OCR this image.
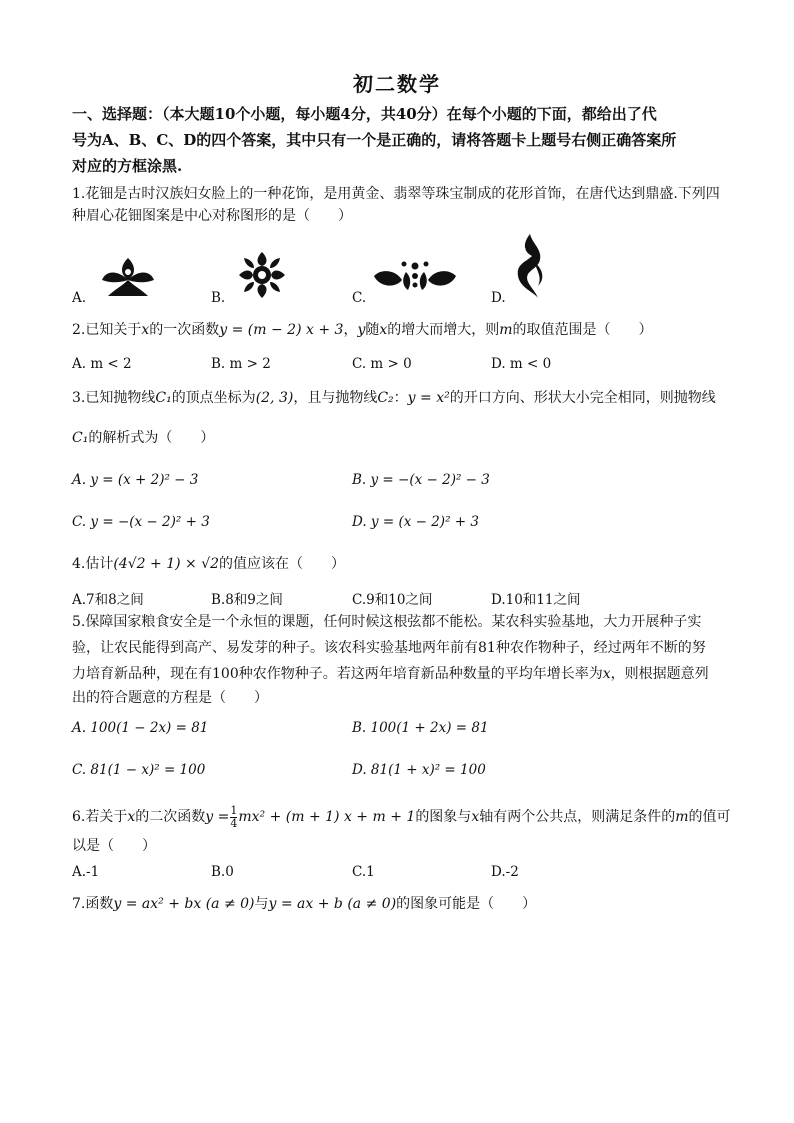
初二数学
一、选择题：（本大题10个小题，每小题4分，共40分）在每个小题的下面，都给出了代
号为A、B、C、D的四个答案，其中只有一个是正确的，请将答题卡上题号右侧正确答案所
对应的方框涂黑.
1.花钿是古时汉族妇女脸上的一种花饰，是用黄金、翡翠等珠宝制成的花形首饰，在唐代达到鼎盛.下列四
种眉心花钿图案是中心对称图形的是（　　）
A.	B.	C.	D.
2.已知关于x的一次函数y = (m − 2) x + 3，y随x的增大而增大，则m的取值范围是（　　）
A. m < 2	B. m > 2	C. m > 0	D. m < 0
3.已知抛物线C₁的顶点坐标为(2, 3)，且与抛物线C₂：y = x²的开口方向、形状大小完全相同，则抛物线
C₁的解析式为（　　）
A. y = (x + 2)² − 3	B. y = −(x − 2)² − 3
C. y = −(x − 2)² + 3	D. y = (x − 2)² + 3
4.估计(4√2 + 1) × √2的值应该在（　　）
A.7和8之间	B.8和9之间	C.9和10之间	D.10和11之间
5.保障国家粮食安全是一个永恒的课题，任何时候这根弦都不能松。某农科实验基地，大力开展种子实
验，让农民能得到高产、易发芽的种子。该农科实验基地两年前有81种农作物种子，经过两年不断的努
力培育新品种，现在有100种农作物种子。若这两年培育新品种数量的平均年增长率为x，则根据题意列
出的符合题意的方程是（　　）
A. 100(1 − 2x) = 81	B. 100(1 + 2x) = 81
C. 81(1 − x)² = 100	D. 81(1 + x)² = 100
6.若关于x的二次函数$y = \frac{1}{4} mx^2 + (m + 1) x + m + 1$的图象与x轴有两个公共点，则满足条件的m的值可
以是（　　）
A.-1	B.0	C.1	D.-2
7.函数y = ax² + bx (a ≠ 0)与y = ax + b (a ≠ 0)的图象可能是（　　）
